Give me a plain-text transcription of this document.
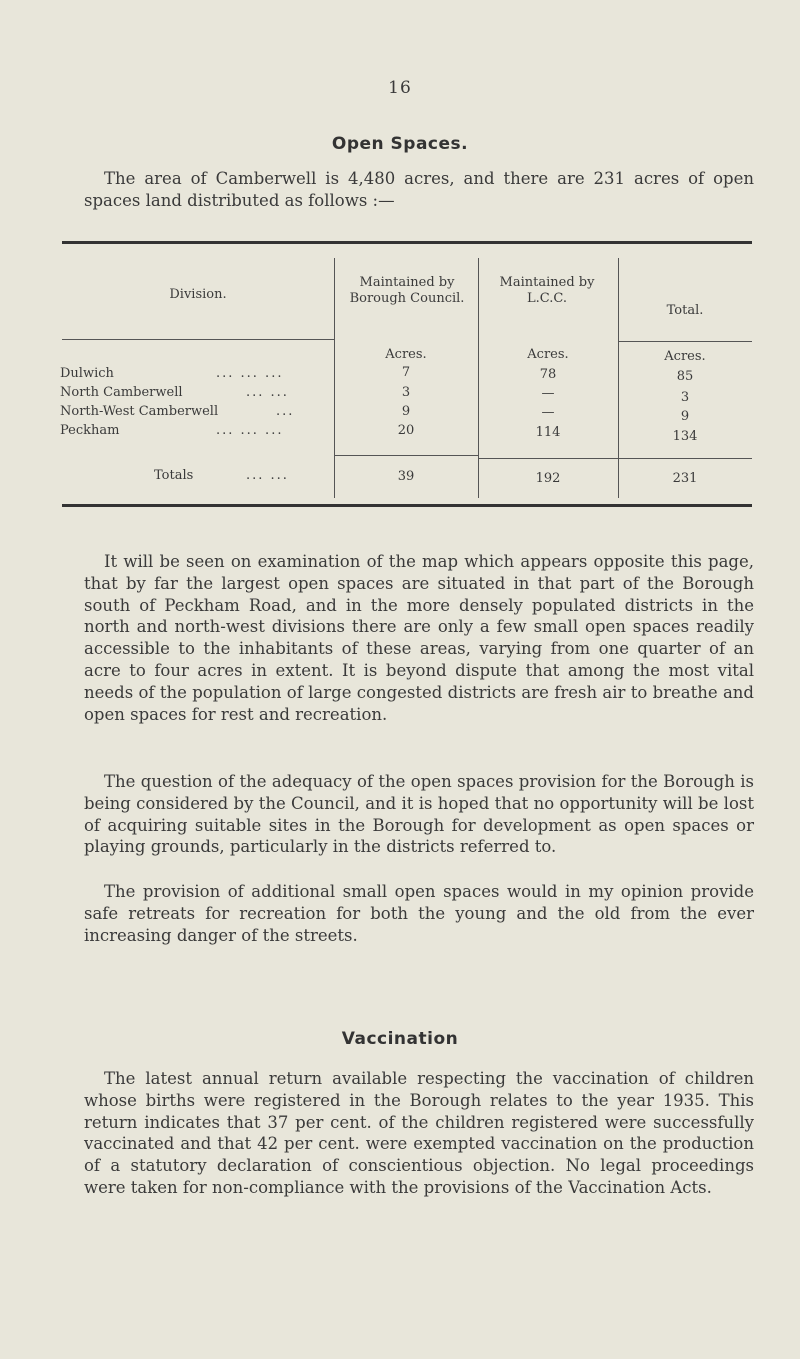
16
Open Spaces.

The area of Camberwell is 4,480 acres, and there are 231 acres of open spaces land distributed as follows :—

Division.
Maintained by Borough Council.
Maintained by L.C.C.
Total.
Acres.	Acres.	Acres.
Dulwich	... ... ...	7	78	85
North Camberwell	... ...	3	—	3
North-West Camberwell	...	9	—	9
Peckham	... ... ...	20	114	134
Totals	... ...	39	192	231

It will be seen on examination of the map which appears opposite this page, that by far the largest open spaces are situated in that part of the Borough south of Peckham Road, and in the more densely populated districts in the north and north-west divisions there are only a few small open spaces readily accessible to the inhabitants of these areas, varying from one quarter of an acre to four acres in extent. It is beyond dispute that among the most vital needs of the population of large congested districts are fresh air to breathe and open spaces for rest and recreation.

The question of the adequacy of the open spaces provision for the Borough is being considered by the Council, and it is hoped that no opportunity will be lost of acquiring suitable sites in the Borough for development as open spaces or playing grounds, particularly in the districts referred to.

The provision of additional small open spaces would in my opinion provide safe retreats for recreation for both the young and the old from the ever increasing danger of the streets.

Vaccination

The latest annual return available respecting the vaccination of children whose births were registered in the Borough relates to the year 1935. This return indicates that 37 per cent. of the children registered were successfully vaccinated and that 42 per cent. were exempted vaccination on the production of a statutory declaration of conscientious objection. No legal proceedings were taken for non-compliance with the provisions of the Vaccination Acts.
